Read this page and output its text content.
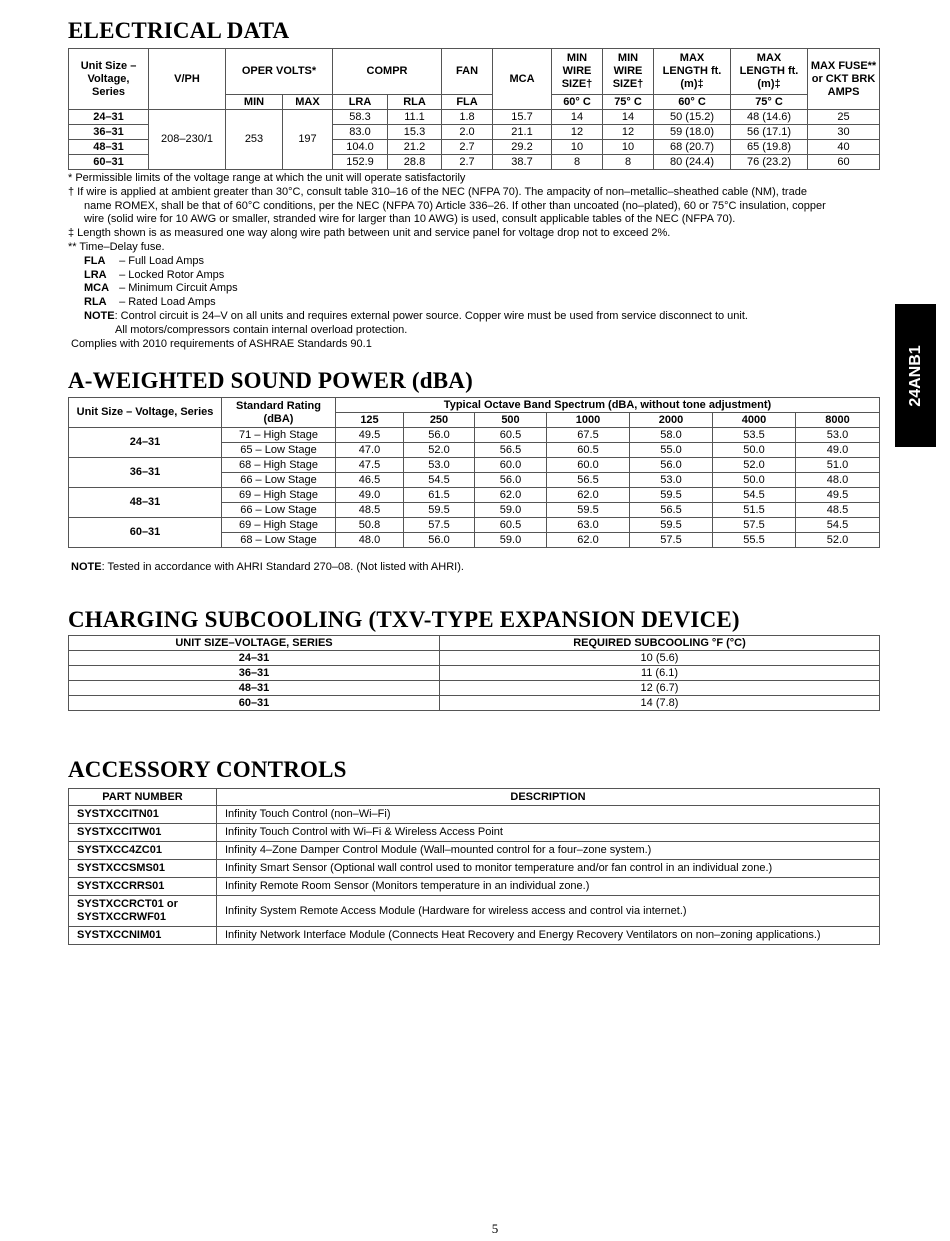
ELECTRICAL DATA
Unit Size – Voltage, Series	V/PH	OPER VOLTS*		COMPR		FAN	MCA	MIN WIRE SIZE†	MIN WIRE SIZE†	MAX LENGTH ft. (m)‡	MAX LENGTH ft. (m)‡	MAX FUSE** or CKT BRK AMPS
		MIN	MAX	LRA	RLA	FLA		60° C	75° C	60° C	75° C	
24–31	208–230/1	253	197	58.3	11.1	1.8	15.7	14	14	50 (15.2)	48 (14.6)	25
36–31				83.0	15.3	2.0	21.1	12	12	59 (18.0)	56 (17.1)	30
48–31				104.0	21.2	2.7	29.2	10	10	68 (20.7)	65 (19.8)	40
60–31				152.9	28.8	2.7	38.7	8	8	80 (24.4)	76 (23.2)	60

* Permissible limits of the voltage range at which the unit will operate satisfactorily

† If wire is applied at ambient greater than 30°C, consult table 310–16 of the NEC (NFPA 70). The ampacity of non–metallic–sheathed cable (NM), trade

name ROMEX, shall be that of 60°C conditions, per the NEC (NFPA 70) Article 336–26. If other than uncoated (no–plated), 60 or 75°C insulation, copper

wire (solid wire for 10 AWG or smaller, stranded wire for larger than 10 AWG) is used, consult applicable tables of the NEC (NFPA 70).

‡ Length shown is as measured one way along wire path between unit and service panel for voltage drop not to exceed 2%.

** Time–Delay fuse.

FLA – Full Load Amps

LRA – Locked Rotor Amps

MCA – Minimum Circuit Amps

RLA – Rated Load Amps

NOTE: Control circuit is 24–V on all units and requires external power source. Copper wire must be used from service disconnect to unit.

All motors/compressors contain internal overload protection.

Complies with 2010 requirements of ASHRAE Standards 90.1

A-WEIGHTED SOUND POWER (dBA)
Unit Size – Voltage, Series	Standard Rating (dBA)	Typical Octave Band Spectrum (dBA, without tone adjustment)						
		125	250	500	1000	2000	4000	8000
24–31	71 – High Stage	49.5	56.0	60.5	67.5	58.0	53.5	53.0
	65 – Low Stage	47.0	52.0	56.5	60.5	55.0	50.0	49.0
36–31	68 – High Stage	47.5	53.0	60.0	60.0	56.0	52.0	51.0
	66 – Low Stage	46.5	54.5	56.0	56.5	53.0	50.0	48.0
48–31	69 – High Stage	49.0	61.5	62.0	62.0	59.5	54.5	49.5
	66 – Low Stage	48.5	59.5	59.0	59.5	56.5	51.5	48.5
60–31	69 – High Stage	50.8	57.5	60.5	63.0	59.5	57.5	54.5
	68 – Low Stage	48.0	56.0	59.0	62.0	57.5	55.5	52.0

NOTE: Tested in accordance with AHRI Standard 270–08. (Not listed with AHRI).

CHARGING SUBCOOLING (TXV-TYPE EXPANSION DEVICE)
UNIT SIZE–VOLTAGE, SERIES	REQUIRED SUBCOOLING °F (°C)
24–31	10 (5.6)
36–31	11 (6.1)
48–31	12 (6.7)
60–31	14 (7.8)
ACCESSORY CONTROLS
PART NUMBER	DESCRIPTION
SYSTXCCITN01	Infinity Touch Control (non–Wi–Fi)
SYSTXCCITW01	Infinity Touch Control with Wi–Fi & Wireless Access Point
SYSTXCC4ZC01	Infinity 4–Zone Damper Control Module (Wall–mounted control for a four–zone system.)
SYSTXCCSMS01	Infinity Smart Sensor (Optional wall control used to monitor temperature and/or fan control in an individual zone.)
SYSTXCCRRS01	Infinity Remote Room Sensor (Monitors temperature in an individual zone.)
SYSTXCCRCT01 or SYSTXCCRWF01	Infinity System Remote Access Module (Hardware for wireless access and control via internet.)
SYSTXCCNIM01	Infinity Network Interface Module (Connects Heat Recovery and Energy Recovery Ventilators on non–zoning applications.)
24ANB1
5
